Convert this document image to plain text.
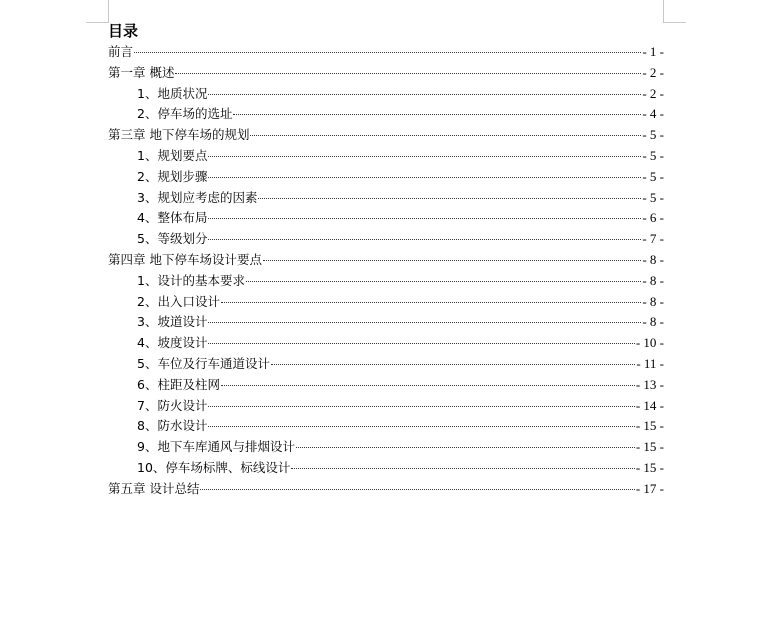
目录
前言	- 1 -
第一章 概述	- 2 -
1、地质状况	- 2 -
2、停车场的选址	- 4 -
第三章 地下停车场的规划	- 5 -
1、规划要点	- 5 -
2、规划步骤	- 5 -
3、规划应考虑的因素	- 5 -
4、整体布局	- 6 -
5、等级划分	- 7 -
第四章 地下停车场设计要点	- 8 -
1、设计的基本要求	- 8 -
2、出入口设计	- 8 -
3、坡道设计	- 8 -
4、坡度设计	- 10 -
5、车位及行车通道设计	- 11 -
6、柱距及柱网	- 13 -
7、防火设计	- 14 -
8、防水设计	- 15 -
9、地下车库通风与排烟设计	- 15 -
10、停车场标牌、标线设计	- 15 -
第五章 设计总结	- 17 -
